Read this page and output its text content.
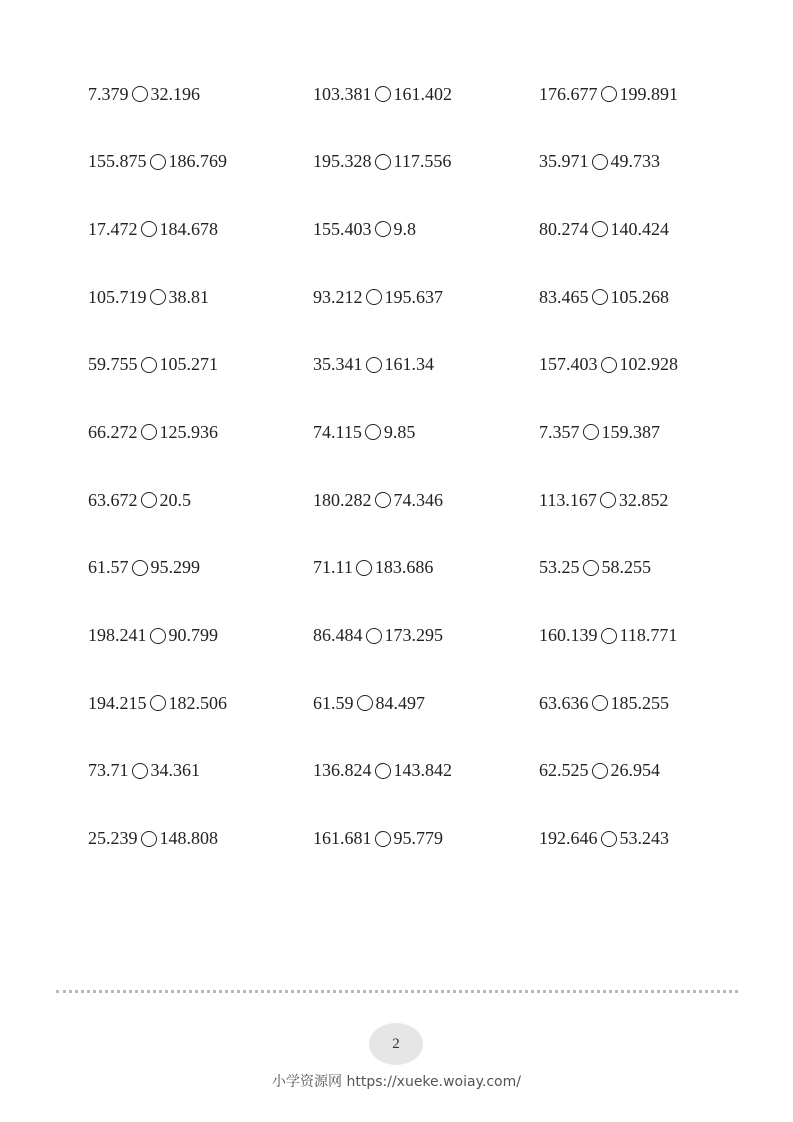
7.379 32.196	103.381 161.402	176.677 199.891
155.875 186.769	195.328 117.556	35.971 49.733
17.472 184.678	155.403 9.8	80.274 140.424
105.719 38.81	93.212 195.637	83.465 105.268
59.755 105.271	35.341 161.34	157.403 102.928
66.272 125.936	74.115 9.85	7.357 159.387
63.672 20.5	180.282 74.346	113.167 32.852
61.57 95.299	71.11 183.686	53.25 58.255
198.241 90.799	86.484 173.295	160.139 118.771
194.215 182.506	61.59 84.497	63.636 185.255
73.71 34.361	136.824 143.842	62.525 26.954
25.239 148.808	161.681 95.779	192.646 53.243
2
小学资源网 https://xueke.woiay.com/
